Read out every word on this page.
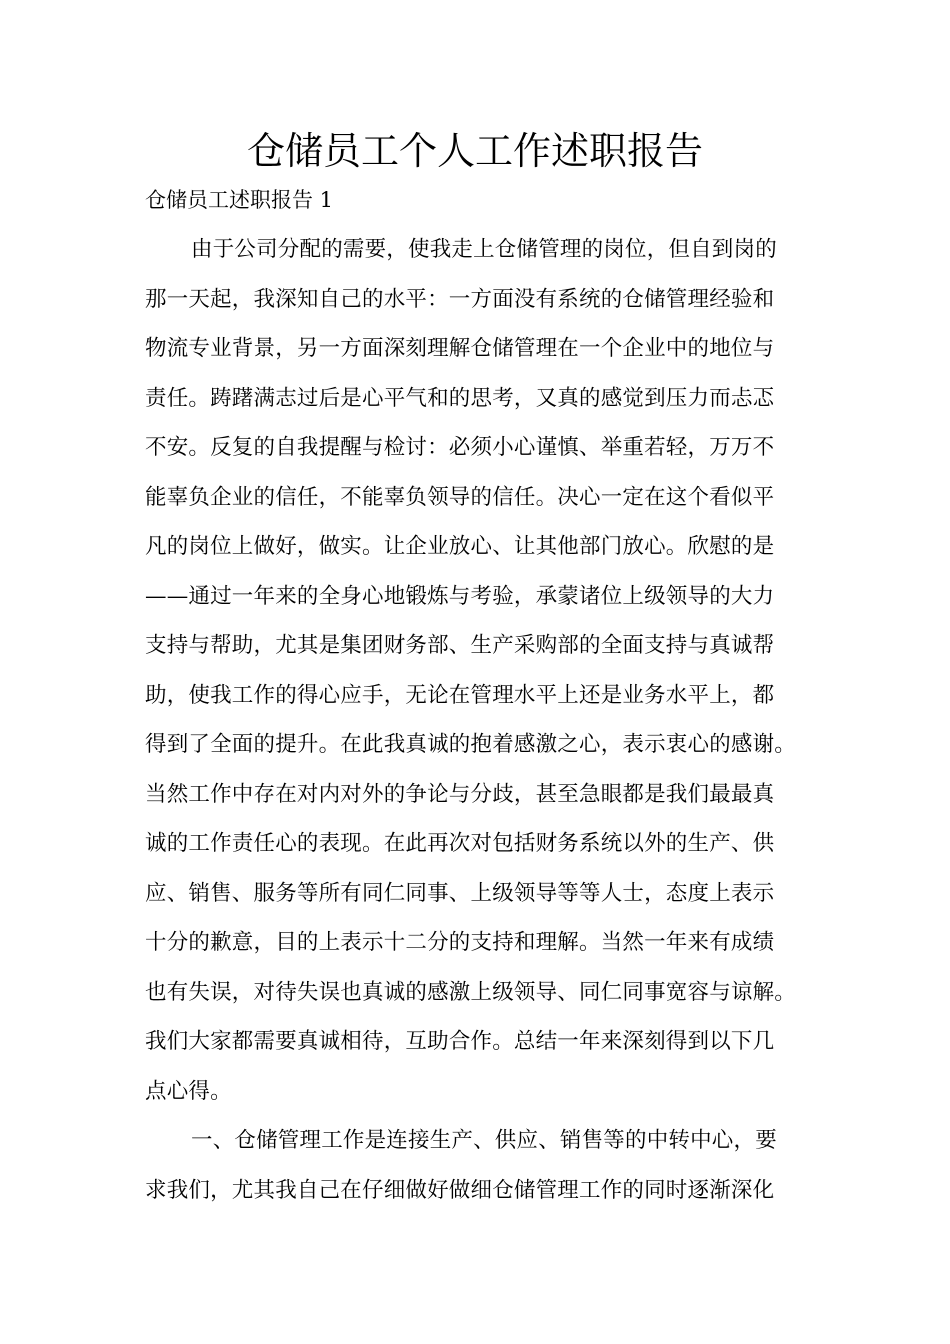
仓储员工个人工作述职报告
仓储员工述职报告 1
由于公司分配的需要，使我走上仓储管理的岗位，但自到岗的
那一天起，我深知自己的水平：一方面没有系统的仓储管理经验和
物流专业背景，另一方面深刻理解仓储管理在一个企业中的地位与
责任。踌躇满志过后是心平气和的思考，又真的感觉到压力而忐忑
不安。反复的自我提醒与检讨：必须小心谨慎、举重若轻，万万不
能辜负企业的信任，不能辜负领导的信任。决心一定在这个看似平
凡的岗位上做好，做实。让企业放心、让其他部门放心。欣慰的是
——通过一年来的全身心地锻炼与考验，承蒙诸位上级领导的大力
支持与帮助，尤其是集团财务部、生产采购部的全面支持与真诚帮
助，使我工作的得心应手，无论在管理水平上还是业务水平上，都
得到了全面的提升。在此我真诚的抱着感激之心，表示衷心的感谢。
当然工作中存在对内对外的争论与分歧，甚至急眼都是我们最最真
诚的工作责任心的表现。在此再次对包括财务系统以外的生产、供
应、销售、服务等所有同仁同事、上级领导等等人士，态度上表示
十分的歉意，目的上表示十二分的支持和理解。当然一年来有成绩
也有失误，对待失误也真诚的感激上级领导、同仁同事宽容与谅解。
我们大家都需要真诚相待，互助合作。总结一年来深刻得到以下几
点心得。
一、仓储管理工作是连接生产、供应、销售等的中转中心，要
求我们，尤其我自己在仔细做好做细仓储管理工作的同时逐渐深化
